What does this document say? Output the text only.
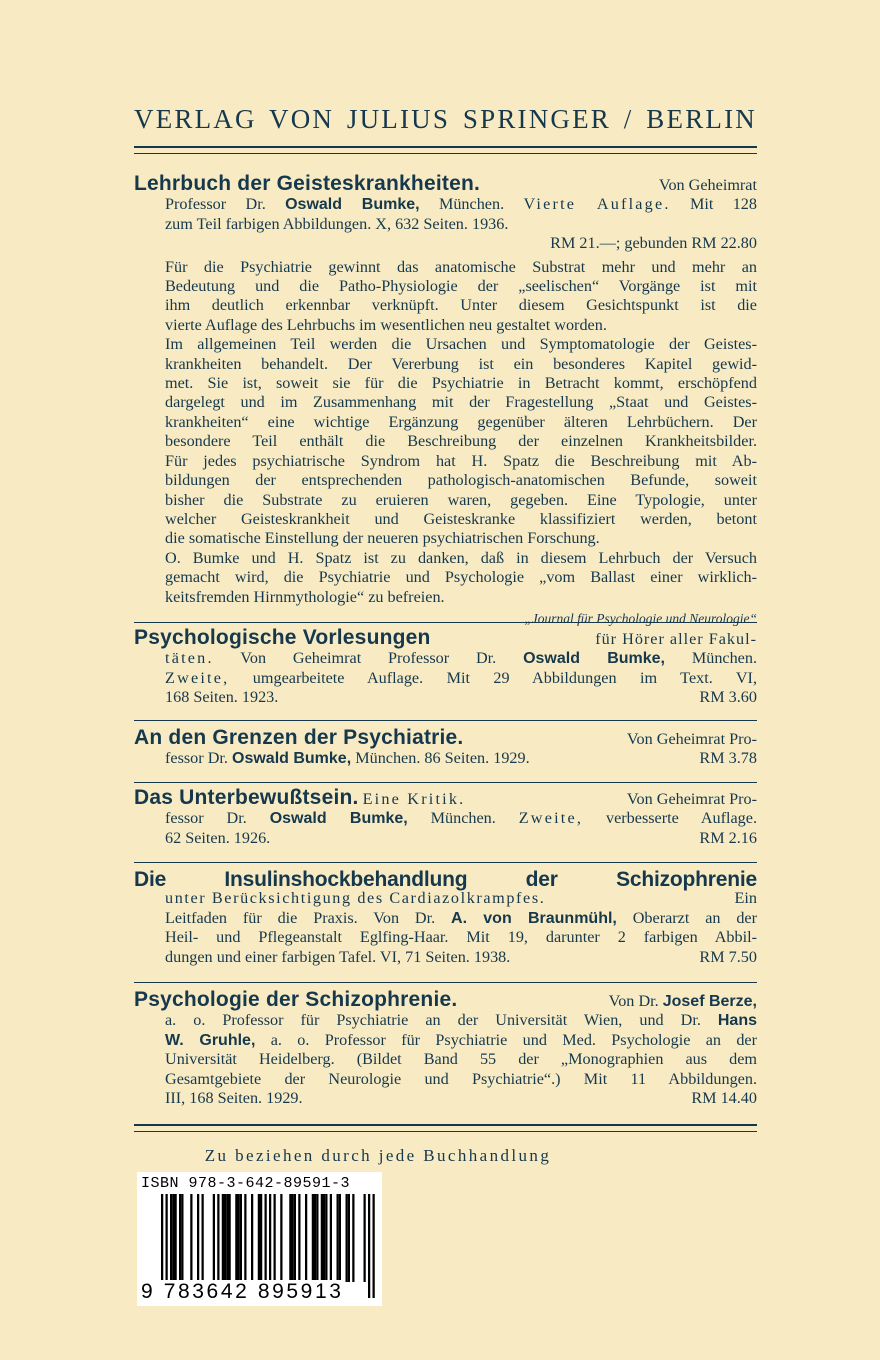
VERLAG VON JULIUS SPRINGER / BERLIN
Lehrbuch der Geisteskrankheiten.	Von Geheimrat
Professor Dr. Oswald Bumke, München. Vierte Auflage. Mit 128
zum Teil farbigen Abbildungen. X, 632 Seiten. 1936.
RM 21.—; gebunden RM 22.80
Für die Psychiatrie gewinnt das anatomische Substrat mehr und mehr an
Bedeutung und die Patho-Physiologie der „seelischen“ Vorgänge ist mit
ihm deutlich erkennbar verknüpft. Unter diesem Gesichtspunkt ist die
vierte Auflage des Lehrbuchs im wesentlichen neu gestaltet worden.
Im allgemeinen Teil werden die Ursachen und Symptomatologie der Geistes-
krankheiten behandelt. Der Vererbung ist ein besonderes Kapitel gewid-
met. Sie ist, soweit sie für die Psychiatrie in Betracht kommt, erschöpfend
dargelegt und im Zusammenhang mit der Fragestellung „Staat und Geistes-
krankheiten“ eine wichtige Ergänzung gegenüber älteren Lehrbüchern. Der
besondere Teil enthält die Beschreibung der einzelnen Krankheitsbilder.
Für jedes psychiatrische Syndrom hat H. Spatz die Beschreibung mit Ab-
bildungen der entsprechenden pathologisch-anatomischen Befunde, soweit
bisher die Substrate zu eruieren waren, gegeben. Eine Typologie, unter
welcher Geisteskrankheit und Geisteskranke klassifiziert werden, betont
die somatische Einstellung der neueren psychiatrischen Forschung.
O. Bumke und H. Spatz ist zu danken, daß in diesem Lehrbuch der Versuch
gemacht wird, die Psychiatrie und Psychologie „vom Ballast einer wirklich-
keitsfremden Hirnmythologie“ zu befreien.
„Journal für Psychologie und Neurologie“
Psychologische Vorlesungen	für Hörer aller Fakul-
täten. Von Geheimrat Professor Dr. Oswald Bumke, München.
Zweite, umgearbeitete Auflage. Mit 29 Abbildungen im Text. VI,
168 Seiten. 1923.	RM 3.60
An den Grenzen der Psychiatrie.	Von Geheimrat Pro-
fessor Dr. Oswald Bumke, München. 86 Seiten. 1929.	RM 3.78
Das Unterbewußtsein. Eine Kritik.	Von Geheimrat Pro-
fessor Dr. Oswald Bumke, München. Zweite, verbesserte Auflage.
62 Seiten. 1926.	RM 2.16
Die Insulinshockbehandlung der Schizophrenie
unter Berücksichtigung des Cardiazolkrampfes.	Ein
Leitfaden für die Praxis. Von Dr. A. von Braunmühl, Oberarzt an der
Heil- und Pflegeanstalt Eglfing-Haar. Mit 19, darunter 2 farbigen Abbil-
dungen und einer farbigen Tafel. VI, 71 Seiten. 1938.	RM 7.50
Psychologie der Schizophrenie.	Von Dr. Josef Berze,
a. o. Professor für Psychiatrie an der Universität Wien, und Dr. Hans
W. Gruhle, a. o. Professor für Psychiatrie und Med. Psychologie an der
Universität Heidelberg. (Bildet Band 55 der „Monographien aus dem
Gesamtgebiete der Neurologie und Psychiatrie“.) Mit 11 Abbildungen.
III, 168 Seiten. 1929.	RM 14.40
Zu beziehen durch jede Buchhandlung
ISBN 978-3-642-89591-3
9 783642 895913
